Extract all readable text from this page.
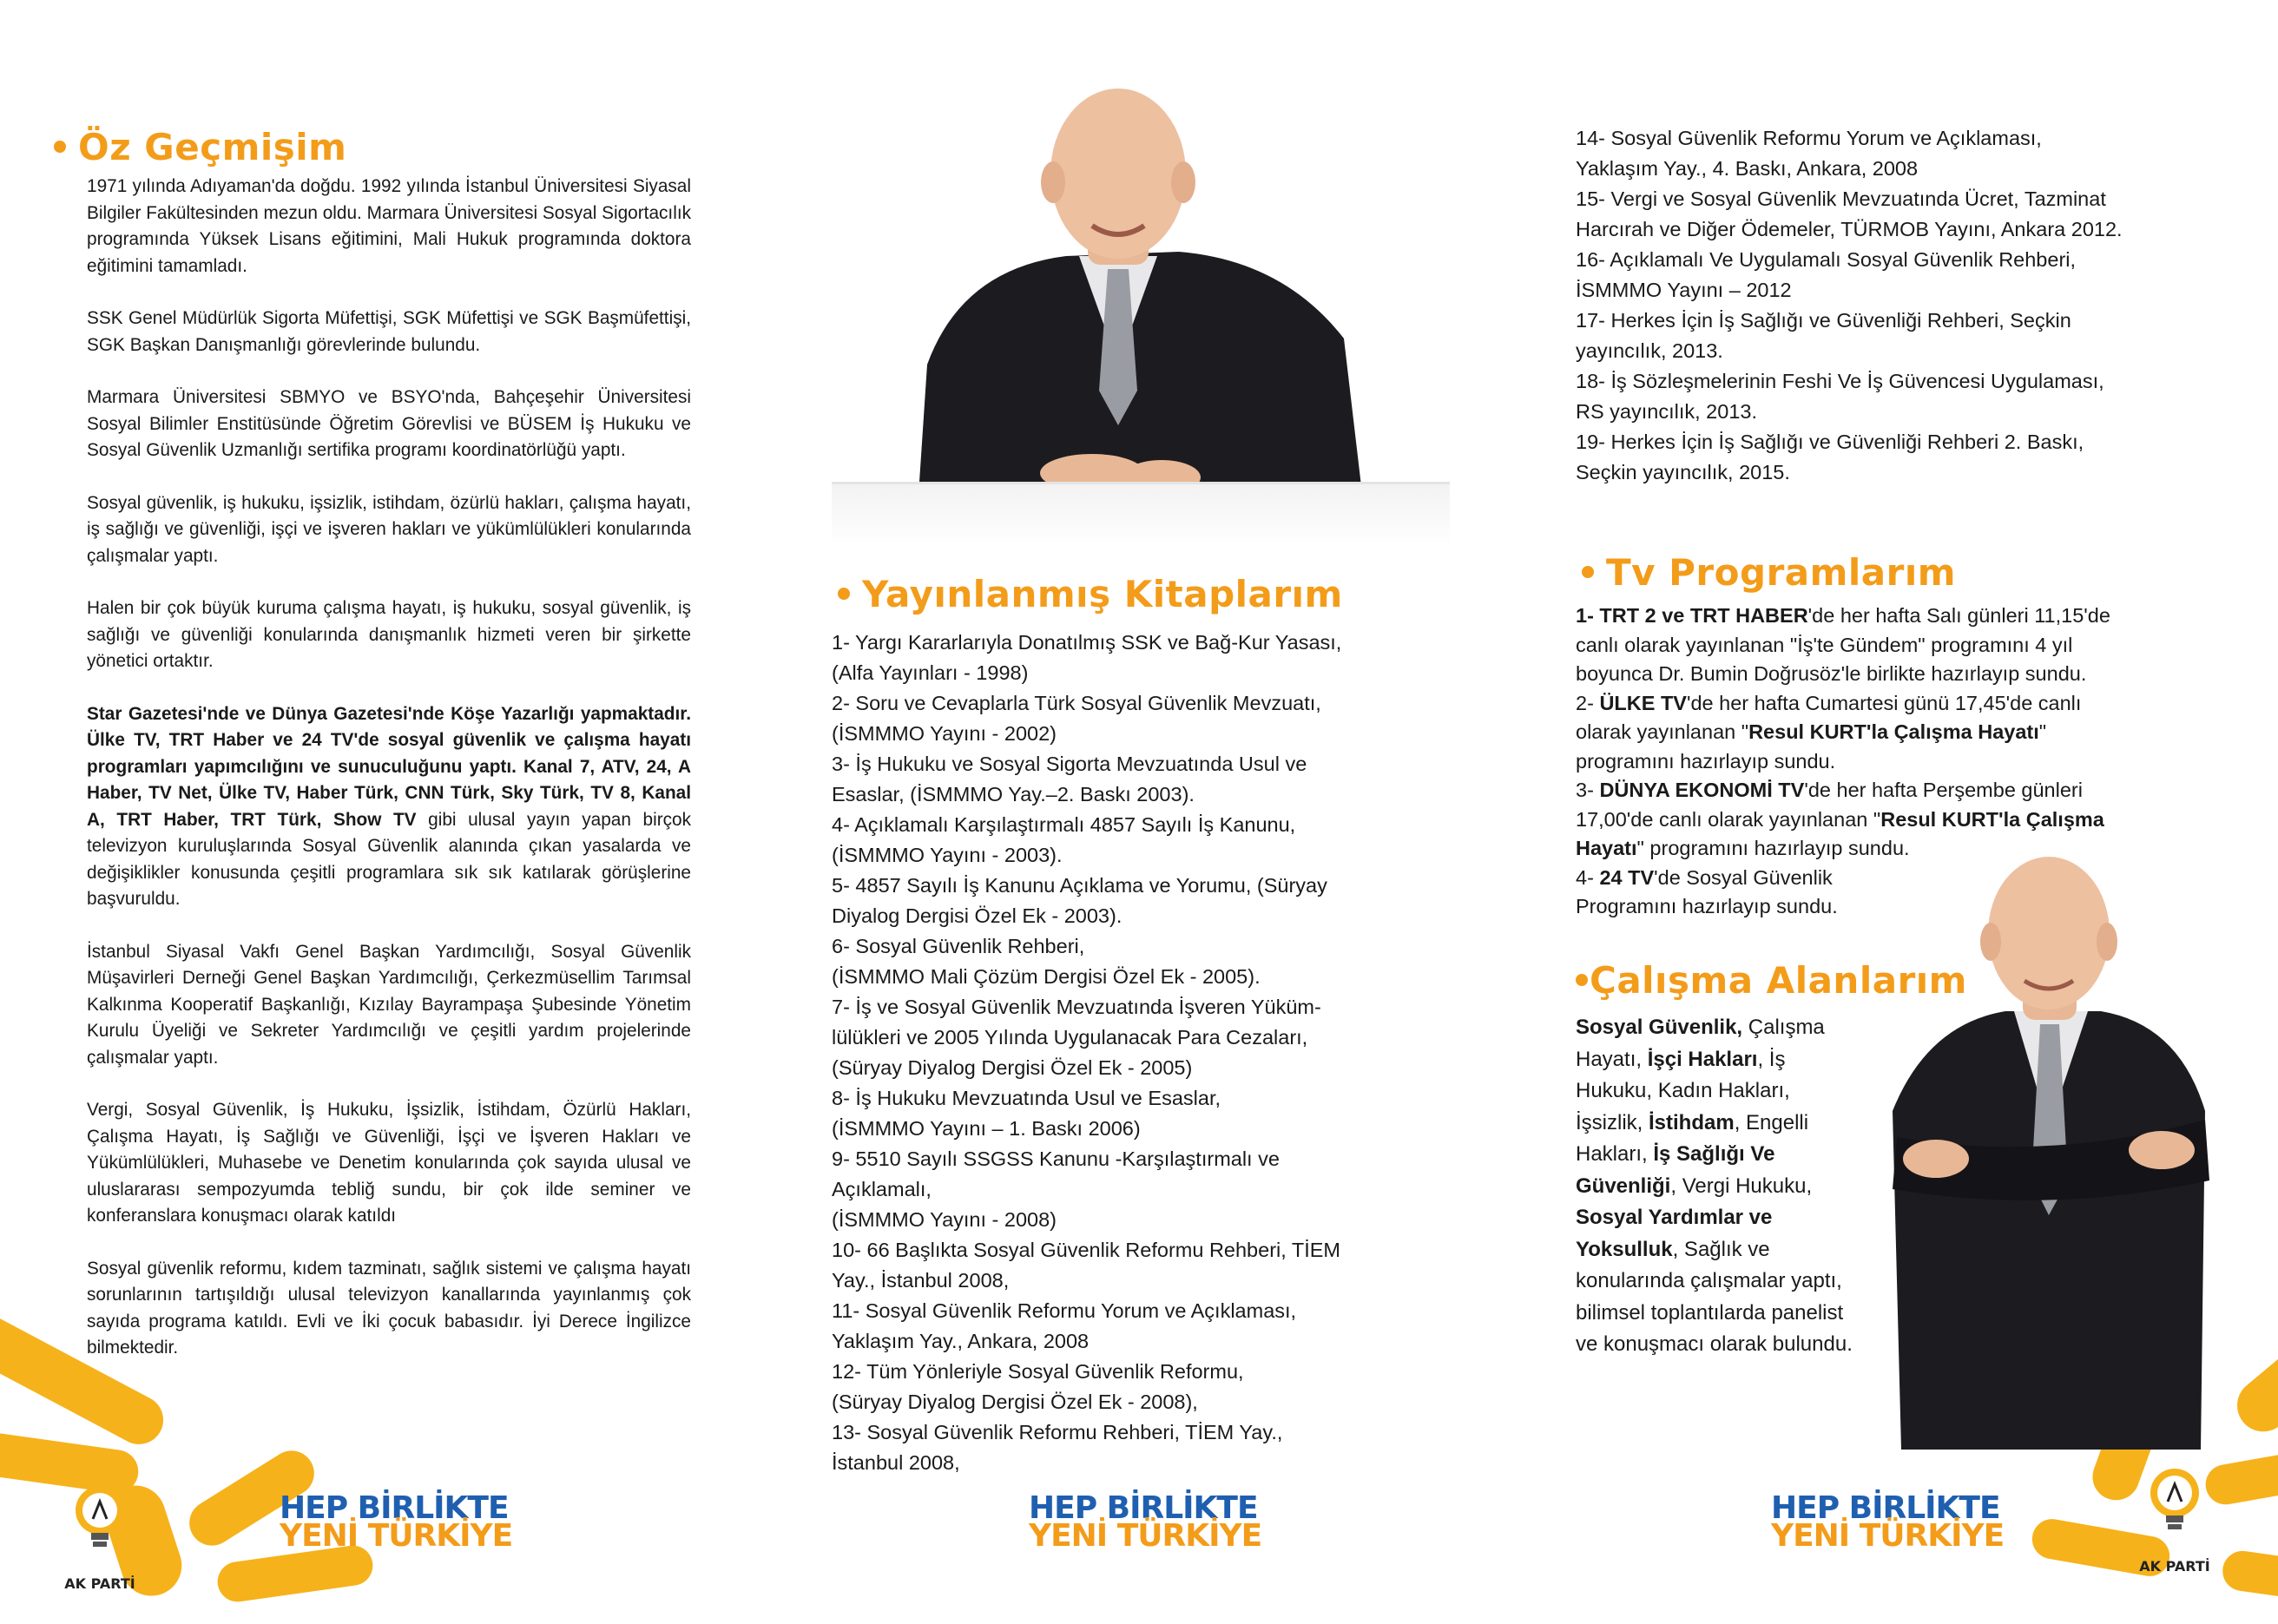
Öz Geçmişim

1971 yılında Adıyaman'da doğdu. 1992 yılında İstanbul Üniversitesi Siyasal Bilgiler Fakültesinden mezun oldu. Marmara Üniversitesi Sosyal Sigortacılık programında Yüksek Lisans eğitimini, Mali Hukuk programında doktora eğitimini tamamladı.

SSK Genel Müdürlük Sigorta Müfettişi, SGK Müfettişi ve SGK Başmüfettişi, SGK Başkan Danışmanlığı görevlerinde bulundu.

Marmara Üniversitesi SBMYO ve BSYO'nda, Bahçeşehir Üniversitesi Sosyal Bilimler Enstitüsünde Öğretim Görevlisi ve BÜSEM İş Hukuku ve Sosyal Güvenlik Uzmanlığı sertifika programı koordinatörlüğü yaptı.

Sosyal güvenlik, iş hukuku, işsizlik, istihdam, özürlü hakları, çalışma hayatı, iş sağlığı ve güvenliği, işçi ve işveren hakları ve yükümlülükleri konularında çalışmalar yaptı.

Halen bir çok büyük kuruma çalışma hayatı, iş hukuku, sosyal güvenlik, iş sağlığı ve güvenliği konularında danışmanlık hizmeti veren bir şirkette yönetici ortaktır.

Star Gazetesi'nde ve Dünya Gazetesi'nde Köşe Yazarlığı yapmaktadır. Ülke TV, TRT Haber ve 24 TV'de sosyal güvenlik ve çalışma hayatı programları yapımcılığını ve sunuculuğunu yaptı. Kanal 7, ATV, 24, A Haber, TV Net, Ülke TV, Haber Türk, CNN Türk, Sky Türk, TV 8, Kanal A, TRT Haber, TRT Türk, Show TV gibi ulusal yayın yapan birçok televizyon kuruluşlarında Sosyal Güvenlik alanında çıkan yasalarda ve değişiklikler konusunda çeşitli programlara sık sık katılarak görüşlerine başvuruldu.

İstanbul Siyasal Vakfı Genel Başkan Yardımcılığı, Sosyal Güvenlik Müşavirleri Derneği Genel Başkan Yardımcılığı, Çerkezmüsellim Tarımsal Kalkınma Kooperatif Başkanlığı, Kızılay Bayrampaşa Şubesinde Yönetim Kurulu Üyeliği ve Sekreter Yardımcılığı ve çeşitli yardım projelerinde çalışmalar yaptı.

Vergi, Sosyal Güvenlik, İş Hukuku, İşsizlik, İstihdam, Özürlü Hakları, Çalışma Hayatı, İş Sağlığı ve Güvenliği, İşçi ve İşveren Hakları ve Yükümlülükleri, Muhasebe ve Denetim konularında çok sayıda ulusal ve uluslararası sempozyumda tebliğ sundu, bir çok ilde seminer ve konferanslara konuşmacı olarak katıldı

Sosyal güvenlik reformu, kıdem tazminatı, sağlık sistemi ve çalışma hayatı sorunlarının tartışıldığı ulusal televizyon kanallarında yayınlanmış çok sayıda programa katıldı. Evli ve İki çocuk babasıdır. İyi Derece İngilizce bilmektedir.

Yayınlanmış Kitaplarım

1- Yargı Kararlarıyla Donatılmış SSK ve Bağ-Kur Yasası,

(Alfa Yayınları - 1998)

2- Soru ve Cevaplarla Türk Sosyal Güvenlik Mevzuatı,

(İSMMMO Yayını - 2002)

3- İş Hukuku ve Sosyal Sigorta Mevzuatında Usul ve

Esaslar, (İSMMMO Yay.–2. Baskı 2003).

4- Açıklamalı Karşılaştırmalı 4857 Sayılı İş Kanunu,

(İSMMMO Yayını - 2003).

5- 4857 Sayılı İş Kanunu Açıklama ve Yorumu, (Süryay

Diyalog Dergisi Özel Ek - 2003).

6- Sosyal Güvenlik Rehberi,

(İSMMMO Mali Çözüm Dergisi Özel Ek - 2005).

7- İş ve Sosyal Güvenlik Mevzuatında İşveren Yüküm-

lülükleri ve 2005 Yılında Uygulanacak Para Cezaları,

(Süryay Diyalog Dergisi Özel Ek - 2005)

8- İş Hukuku Mevzuatında Usul ve Esaslar,

(İSMMMO Yayını – 1. Baskı 2006)

9- 5510 Sayılı SSGSS Kanunu -Karşılaştırmalı ve

Açıklamalı,

(İSMMMO Yayını - 2008)

10- 66 Başlıkta Sosyal Güvenlik Reformu Rehberi, TİEM

Yay., İstanbul 2008,

11- Sosyal Güvenlik Reformu Yorum ve Açıklaması,

Yaklaşım Yay., Ankara, 2008

12- Tüm Yönleriyle Sosyal Güvenlik Reformu,

(Süryay Diyalog Dergisi Özel Ek - 2008),

13- Sosyal Güvenlik Reformu Rehberi, TİEM Yay.,

İstanbul 2008,

14- Sosyal Güvenlik Reformu Yorum ve Açıklaması,

Yaklaşım Yay., 4. Baskı, Ankara, 2008

15- Vergi ve Sosyal Güvenlik Mevzuatında Ücret, Tazminat

Harcırah ve Diğer Ödemeler, TÜRMOB Yayını, Ankara 2012.

16- Açıklamalı Ve Uygulamalı Sosyal Güvenlik Rehberi,

İSMMMO Yayını – 2012

17- Herkes İçin İş Sağlığı ve Güvenliği Rehberi, Seçkin

yayıncılık, 2013.

18- İş Sözleşmelerinin Feshi Ve İş Güvencesi Uygulaması,

RS yayıncılık, 2013.

19- Herkes İçin İş Sağlığı ve Güvenliği Rehberi 2. Baskı,

Seçkin yayıncılık, 2015.

Tv Programlarım

1- TRT 2 ve TRT HABER'de her hafta Salı günleri 11,15'de canlı olarak yayınlanan "İş'te Gündem" programını 4 yıl boyunca Dr. Bumin Doğrusöz'le birlikte hazırlayıp sundu.

2- ÜLKE TV'de her hafta Cumartesi günü 17,45'de canlı olarak yayınlanan "Resul KURT'la Çalışma Hayatı" programını hazırlayıp sundu.

3- DÜNYA EKONOMİ TV'de her hafta Perşembe günleri 17,00'de canlı olarak yayınlanan "Resul KURT'la Çalışma Hayatı" programını hazırlayıp sundu.

4- 24 TV'de Sosyal Güvenlik Programını hazırlayıp sundu.

Çalışma Alanlarım

Sosyal Güvenlik, Çalışma Hayatı, İşçi Hakları, İş Hukuku, Kadın Hakları, İşsizlik, İstihdam, Engelli Hakları, İş Sağlığı Ve Güvenliği, Vergi Hukuku, Sosyal Yardımlar ve Yoksulluk, Sağlık ve konularında çalışmalar yaptı, bilimsel toplantılarda panelist ve konuşmacı olarak bulundu.

AK PARTİ
HEP BİRLİKTE
YENİ TÜRKİYE
HEP BİRLİKTE
YENİ TÜRKİYE
HEP BİRLİKTE
YENİ TÜRKİYE
AK PARTİ
